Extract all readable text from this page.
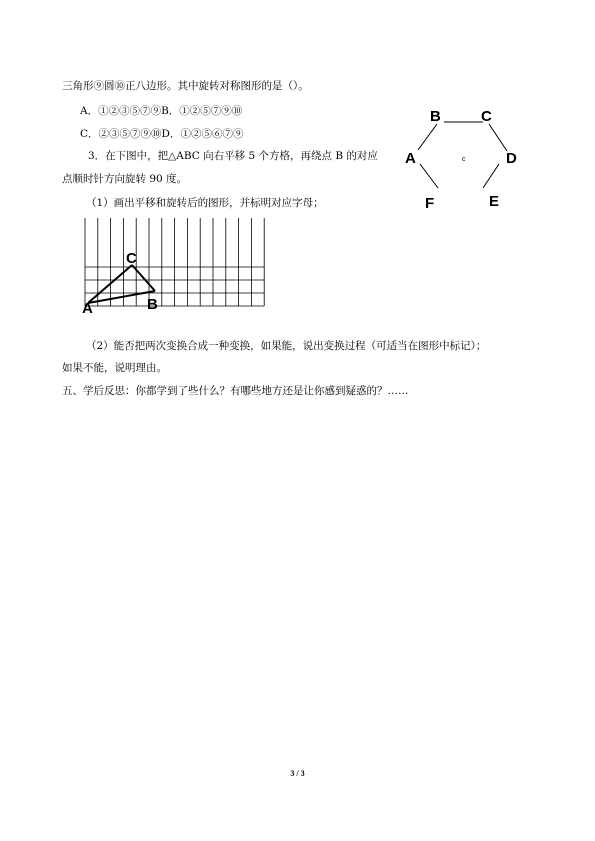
三角形⑨圆⑩正八边形。其中旋转对称图形的是（）。
A．①②③⑤⑦⑨B．①②⑤⑦⑨⑩
C．②③⑤⑦⑨⑩D．①②⑤⑥⑦⑨
3．在下图中，把△ABC 向右平移 5 个方格，再绕点 B 的对应
点顺时针方向旋转 90 度。
（1）画出平移和旋转后的图形，并标明对应字母；
B	C
A	D
F	E
c
C
A	B
（2）能否把两次变换合成一种变换，如果能，说出变换过程（可适当在图形中标记）；
如果不能，说明理由。
五、学后反思：你都学到了些什么？有哪些地方还是让你感到疑惑的？……
3 / 3
